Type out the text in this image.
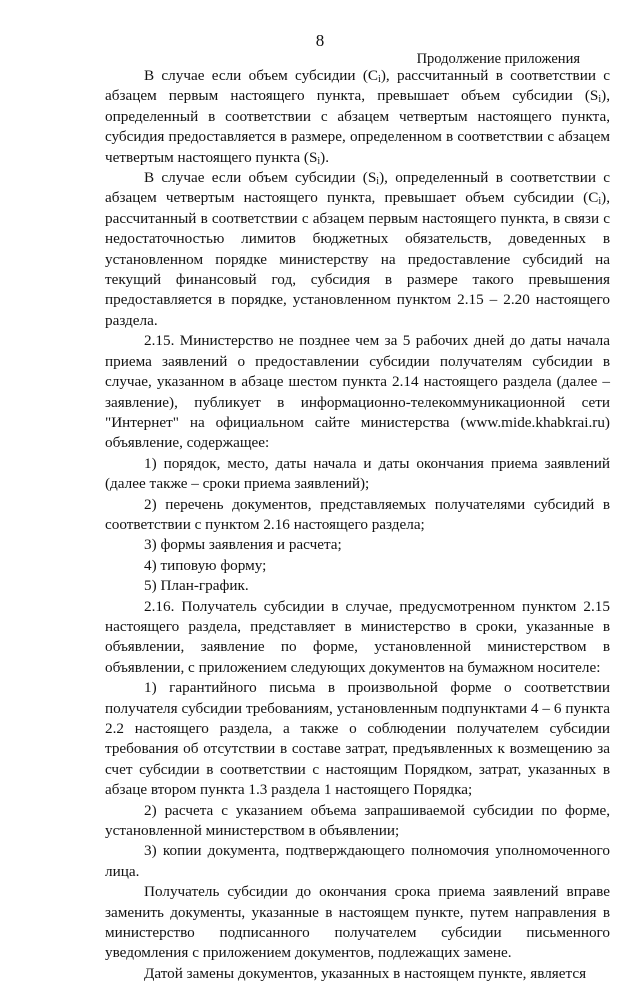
8
Продолжение приложения

В случае если объем субсидии $(C_i)$, рассчитанный в соответствии с абзацем первым настоящего пункта, превышает объем субсидии $(S_i)$, определенный в соответствии с абзацем четвертым настоящего пункта, субсидия предоставляется в размере, определенном в соответствии с абзацем четвертым настоящего пункта $(S_i)$.

В случае если объем субсидии $(S_i)$, определенный в соответствии с абзацем четвертым настоящего пункта, превышает объем субсидии $(C_i)$, рассчитанный в соответствии с абзацем первым настоящего пункта, в связи с недостаточностью лимитов бюджетных обязательств, доведенных в установленном порядке министерству на предоставление субсидий на текущий финансовый год, субсидия в размере такого превышения предоставляется в порядке, установленном пунктом 2.15 – 2.20 настоящего раздела.

2.15. Министерство не позднее чем за 5 рабочих дней до даты начала приема заявлений о предоставлении субсидии получателям субсидии в случае, указанном в абзаце шестом пункта 2.14 настоящего раздела (далее – заявление), публикует в информационно-телекоммуникационной сети "Интернет" на официальном сайте министерства (www.mide.khabkrai.ru) объявление, содержащее:

1) порядок, место, даты начала и даты окончания приема заявлений (далее также – сроки приема заявлений);

2) перечень документов, представляемых получателями субсидий в соответствии с пунктом 2.16 настоящего раздела;

3) формы заявления и расчета;

4) типовую форму;

5) План-график.

2.16. Получатель субсидии в случае, предусмотренном пунктом 2.15 настоящего раздела, представляет в министерство в сроки, указанные в объявлении, заявление по форме, установленной министерством в объявлении, с приложением следующих документов на бумажном носителе:

1) гарантийного письма в произвольной форме о соответствии получателя субсидии требованиям, установленным подпунктами 4 – 6 пункта 2.2 настоящего раздела, а также о соблюдении получателем субсидии требования об отсутствии в составе затрат, предъявленных к возмещению за счет субсидии в соответствии с настоящим Порядком, затрат, указанных в абзаце втором пункта 1.3 раздела 1 настоящего Порядка;

2) расчета с указанием объема запрашиваемой субсидии по форме, установленной министерством в объявлении;

3) копии документа, подтверждающего полномочия уполномоченного лица.

Получатель субсидии до окончания срока приема заявлений вправе заменить документы, указанные в настоящем пункте, путем направления в министерство подписанного получателем субсидии письменного уведомления с приложением документов, подлежащих замене.

Датой замены документов, указанных в настоящем пункте, является
